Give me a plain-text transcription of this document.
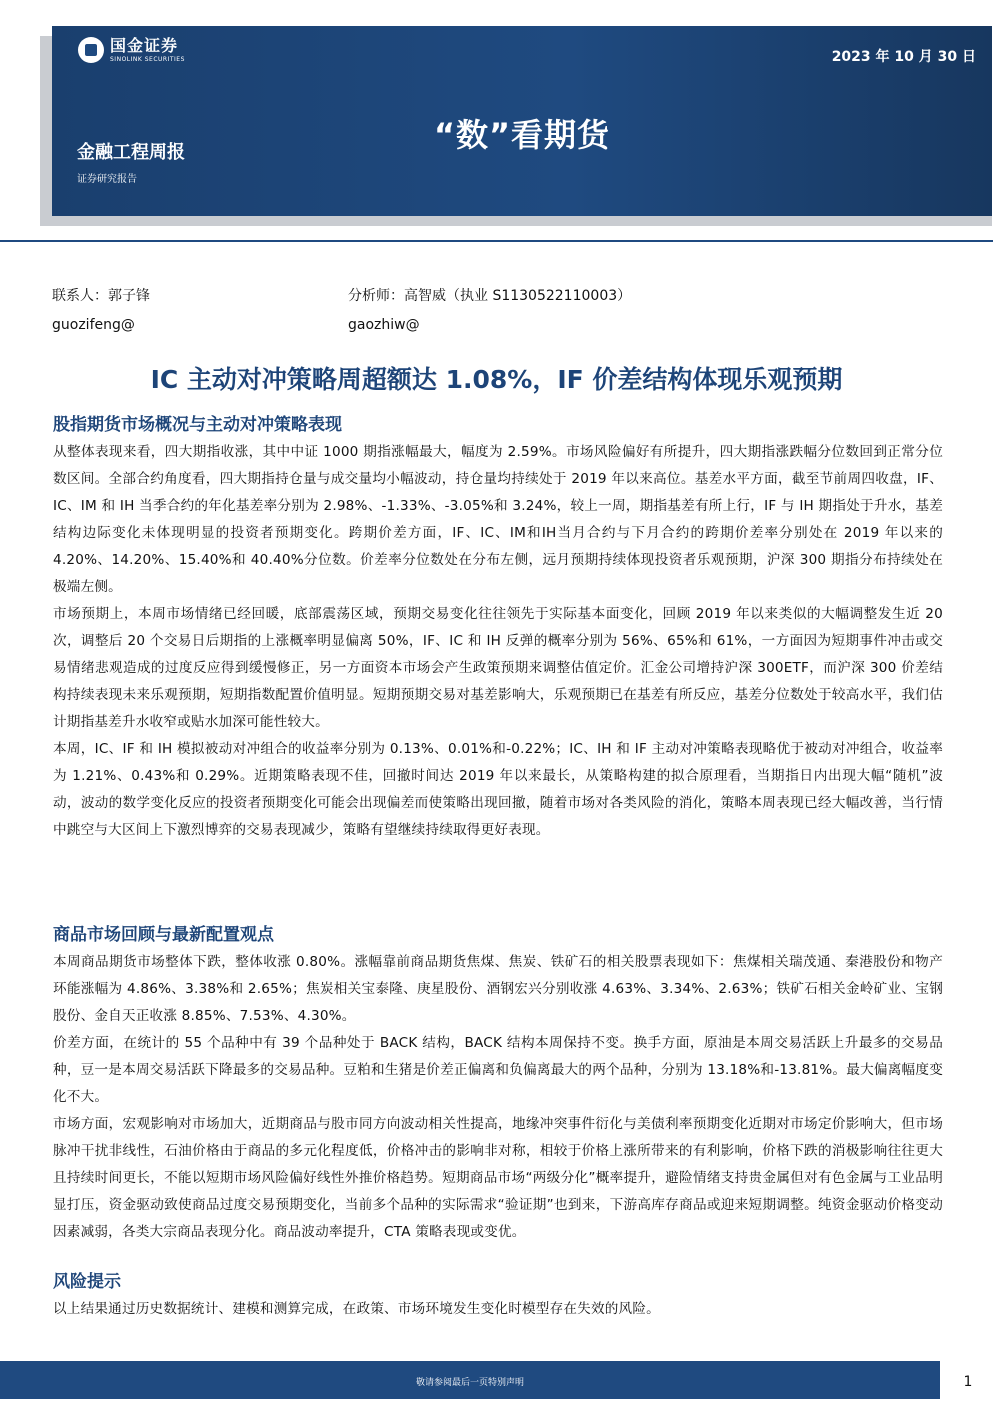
国金证券
SINOLINK SECURITIES	2023 年 10 月 30 日
“数”看期货
金融工程周报
证券研究报告
联系人：郭子锋	分析师：高智威（执业 S1130522110003）
guozifeng@	gaozhiw@
IC 主动对冲策略周超额达 1.08%，IF 价差结构体现乐观预期
股指期货市场概况与主动对冲策略表现

从整体表现来看，四大期指收涨，其中中证 1000 期指涨幅最大，幅度为 2.59%。市场风险偏好有所提升，四大期指涨跌幅分位数回到正常分位数区间。全部合约角度看，四大期指持仓量与成交量均小幅波动，持仓量均持续处于 2019 年以来高位。基差水平方面，截至节前周四收盘，IF、IC、IM 和 IH 当季合约的年化基差率分别为 2.98%、-1.33%、-3.05%和 3.24%，较上一周，期指基差有所上行，IF 与 IH 期指处于升水，基差结构边际变化未体现明显的投资者预期变化。跨期价差方面，IF、IC、IM和IH当月合约与下月合约的跨期价差率分别处在 2019 年以来的 4.20%、14.20%、15.40%和 40.40%分位数。价差率分位数处在分布左侧，远月预期持续体现投资者乐观预期，沪深 300 期指分布持续处在极端左侧。

市场预期上，本周市场情绪已经回暖，底部震荡区域，预期交易变化往往领先于实际基本面变化，回顾 2019 年以来类似的大幅调整发生近 20 次，调整后 20 个交易日后期指的上涨概率明显偏离 50%，IF、IC 和 IH 反弹的概率分别为 56%、65%和 61%，一方面因为短期事件冲击或交易情绪悲观造成的过度反应得到缓慢修正，另一方面资本市场会产生政策预期来调整估值定价。汇金公司增持沪深 300ETF，而沪深 300 价差结构持续表现未来乐观预期，短期指数配置价值明显。短期预期交易对基差影响大，乐观预期已在基差有所反应，基差分位数处于较高水平，我们估计期指基差升水收窄或贴水加深可能性较大。

本周，IC、IF 和 IH 模拟被动对冲组合的收益率分别为 0.13%、0.01%和-0.22%；IC、IH 和 IF 主动对冲策略表现略优于被动对冲组合，收益率为 1.21%、0.43%和 0.29%。近期策略表现不佳，回撤时间达 2019 年以来最长，从策略构建的拟合原理看，当期指日内出现大幅“随机”波动，波动的数学变化反应的投资者预期变化可能会出现偏差而使策略出现回撤，随着市场对各类风险的消化，策略本周表现已经大幅改善，当行情中跳空与大区间上下激烈博弈的交易表现减少，策略有望继续持续取得更好表现。

商品市场回顾与最新配置观点

本周商品期货市场整体下跌，整体收涨 0.80%。涨幅靠前商品期货焦煤、焦炭、铁矿石的相关股票表现如下：焦煤相关瑞茂通、秦港股份和物产环能涨幅为 4.86%、3.38%和 2.65%；焦炭相关宝泰隆、庚星股份、酒钢宏兴分别收涨 4.63%、3.34%、2.63%；铁矿石相关金岭矿业、宝钢股份、金自天正收涨 8.85%、7.53%、4.30%。

价差方面，在统计的 55 个品种中有 39 个品种处于 BACK 结构，BACK 结构本周保持不变。换手方面，原油是本周交易活跃上升最多的交易品种，豆一是本周交易活跃下降最多的交易品种。豆粕和生猪是价差正偏离和负偏离最大的两个品种，分别为 13.18%和-13.81%。最大偏离幅度变化不大。

市场方面，宏观影响对市场加大，近期商品与股市同方向波动相关性提高，地缘冲突事件衍化与美债利率预期变化近期对市场定价影响大，但市场脉冲干扰非线性，石油价格由于商品的多元化程度低，价格冲击的影响非对称，相较于价格上涨所带来的有利影响，价格下跌的消极影响往往更大且持续时间更长，不能以短期市场风险偏好线性外推价格趋势。短期商品市场“两级分化”概率提升，避险情绪支持贵金属但对有色金属与工业品明显打压，资金驱动致使商品过度交易预期变化，当前多个品种的实际需求“验证期”也到来，下游高库存商品或迎来短期调整。纯资金驱动价格变动因素减弱，各类大宗商品表现分化。商品波动率提升，CTA 策略表现或变优。

风险提示

以上结果通过历史数据统计、建模和测算完成，在政策、市场环境发生变化时模型存在失效的风险。

敬请参阅最后一页特别声明	1
